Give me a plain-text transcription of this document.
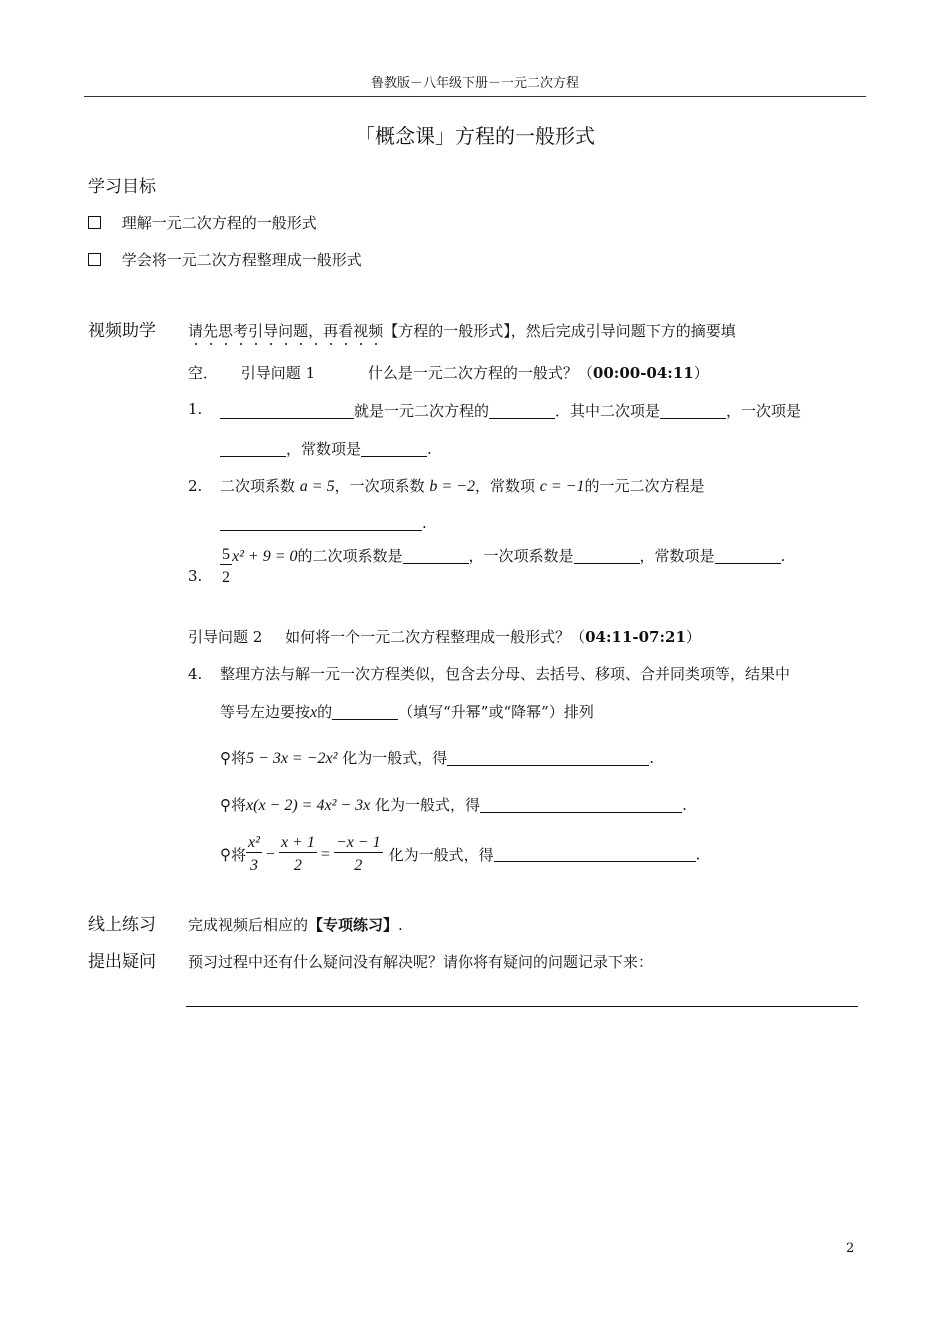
鲁教版－八年级下册－一元二次方程
「概念课」方程的一般形式
学习目标
理解一元二次方程的一般形式
学会将一元二次方程整理成一般形式
视频助学 请先思考引导问题，再看视频【方程的一般形式】，然后完成引导问题下方的摘要填
空． 引导问题 1	什么是一元二次方程的一般式？（00:00-04:11）
1.	就是一元二次方程的	．其中二次项是	，一次项是
，常数项是	.
2. 二次项系数 a = 5，一次项系数 b = −2，常数项 c = −1的一元二次方程是
.
3. $\frac{5}{2} x^2 + 9 = 0$的二次项系数是	，一次项系数是	，常数项是	.
引导问题 2 如何将一个一元二次方程整理成一般形式？（04:11-07:21）
4. 整理方法与解一元一次方程类似，包含去分母、去括号、移项、合并同类项等，结果中
等号左边要按x的	（填写“升幂”或“降幂”）排列
⚲将5 − 3x = −2x² 化为一般式，得	.
⚲将x(x − 2) = 4x² − 3x 化为一般式，得	.
⚲将 $\frac{\text{x²}}{3} - \frac{x + 1}{2} = \frac{-x - 1}{2}$ 化为一般式，得	.
线上练习 完成视频后相应的【专项练习】.
提出疑问 预习过程中还有什么疑问没有解决呢？请你将有疑问的问题记录下来：
2
